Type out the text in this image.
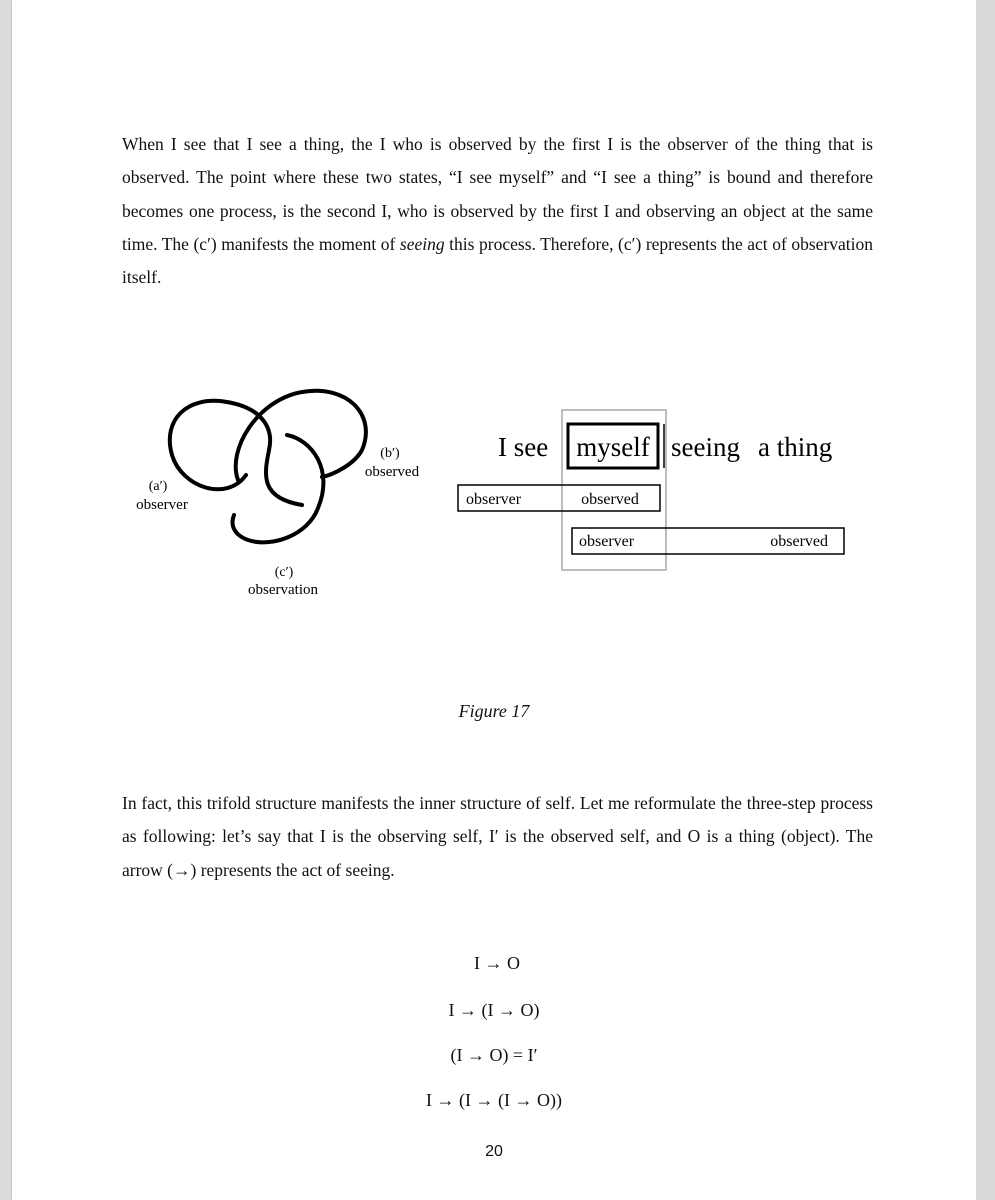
When I see that I see a thing, the I who is observed by the first I is the observer of the thing that is observed. The point where these two states, “I see myself” and “I see a thing” is bound and therefore becomes one process, is the second I, who is observed by the first I and observing an object at the same time. The (c′) manifests the moment of seeing this process. Therefore, (c′) represents the act of observation itself.

(a′)
observer
(b′)
observed
(c′)
observation
I see myself seeing a thing
observer	observed
observer	observed
Figure 17

In fact, this trifold structure manifests the inner structure of self. Let me reformulate the three-step process as following: let’s say that I is the observing self, I′ is the observed self, and O is a thing (object). The arrow (→) represents the act of seeing.

I → O
I → (I → O)
(I → O) = I′
I → (I → (I → O))
20
